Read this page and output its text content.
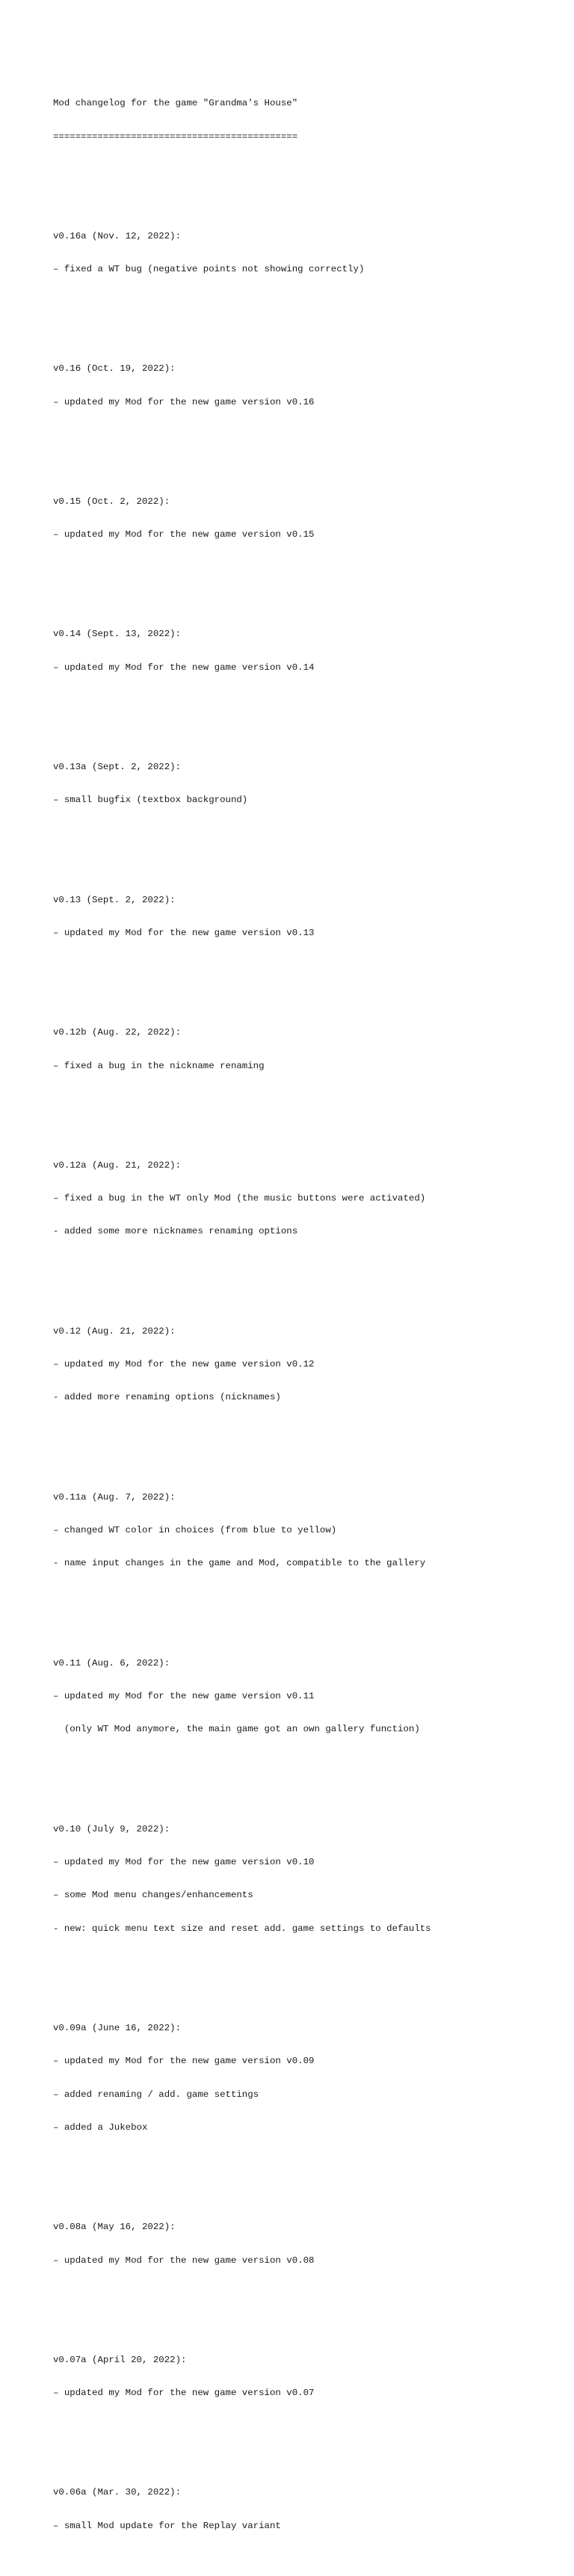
Mod changelog for the game "Grandma's House"

============================================

v0.16a (Nov. 12, 2022):

– fixed a WT bug (negative points not showing correctly)

v0.16 (Oct. 19, 2022):

– updated my Mod for the new game version v0.16

v0.15 (Oct. 2, 2022):

– updated my Mod for the new game version v0.15

v0.14 (Sept. 13, 2022):

– updated my Mod for the new game version v0.14

v0.13a (Sept. 2, 2022):

– small bugfix (textbox background)

v0.13 (Sept. 2, 2022):

– updated my Mod for the new game version v0.13

v0.12b (Aug. 22, 2022):

– fixed a bug in the nickname renaming

v0.12a (Aug. 21, 2022):

– fixed a bug in the WT only Mod (the music buttons were activated)

- added some more nicknames renaming options

v0.12 (Aug. 21, 2022):

– updated my Mod for the new game version v0.12

- added more renaming options (nicknames)

v0.11a (Aug. 7, 2022):

– changed WT color in choices (from blue to yellow)

- name input changes in the game and Mod, compatible to the gallery

v0.11 (Aug. 6, 2022):

– updated my Mod for the new game version v0.11

(only WT Mod anymore, the main game got an own gallery function)

v0.10 (July 9, 2022):

– updated my Mod for the new game version v0.10

– some Mod menu changes/enhancements

- new: quick menu text size and reset add. game settings to defaults

v0.09a (June 16, 2022):

– updated my Mod for the new game version v0.09

– added renaming / add. game settings

– added a Jukebox

v0.08a (May 16, 2022):

– updated my Mod for the new game version v0.08

v0.07a (April 20, 2022):

– updated my Mod for the new game version v0.07

v0.06a (Mar. 30, 2022):

– small Mod update for the Replay variant
